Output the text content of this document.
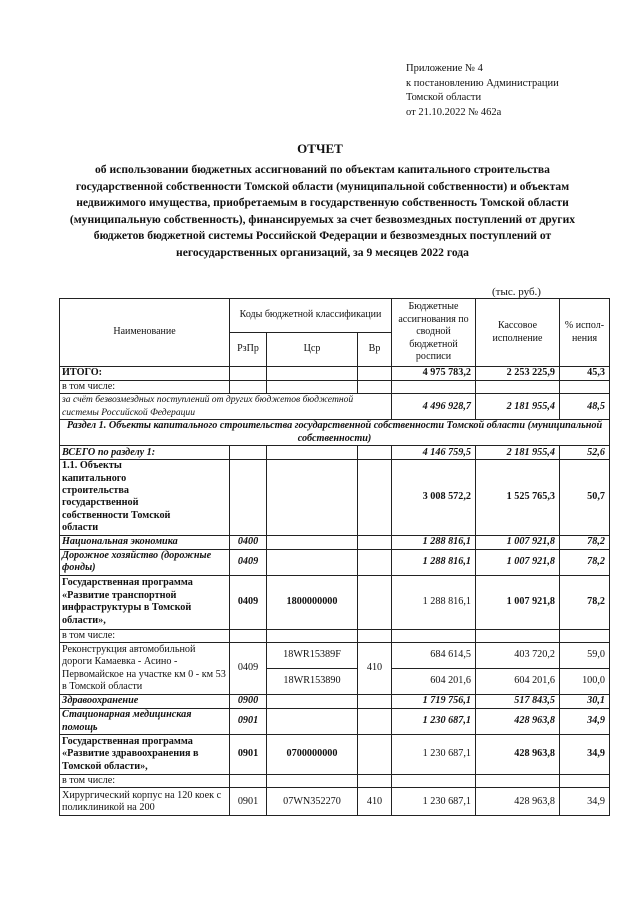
Приложение № 4
к постановлению Администрации
Томской области
от 21.10.2022 № 462а
ОТЧЕТ
об использовании бюджетных ассигнований по объектам капитального строительства государственной собственности Томской области (муниципальной собственности) и объектам недвижимого имущества, приобретаемым в государственную собственность Томской области (муниципальную собственность), финансируемых за счет безвозмездных поступлений от других бюджетов бюджетной системы Российской Федерации и безвозмездных поступлений от негосударственных организаций, за 9 месяцев 2022 года
(тыс. руб.)
Наименование	Коды бюджетной классификации			Бюджетные ассигнования по сводной бюджетной росписи	Кассовое исполнение	% испол-нения
	РзПр	Цср	Вр			
ИТОГО:				4 975 783,2	2 253 225,9	45,3
в том числе:						
за счёт безвозмездных поступлений от других бюджетов бюджетной системы Российской Федерации				4 496 928,7	2 181 955,4	48,5
Раздел 1. Объекты капитального строительства государственной собственности Томской области (муниципальной собственности)						
ВСЕГО по разделу 1:				4 146 759,5	2 181 955,4	52,6
1.1. Объекты капитального строительства государственной собственности Томской области				3 008 572,2	1 525 765,3	50,7
Национальная экономика	0400			1 288 816,1	1 007 921,8	78,2
Дорожное хозяйство (дорожные фонды)	0409			1 288 816,1	1 007 921,8	78,2
Государственная программа «Развитие транспортной инфраструктуры в Томской области»,	0409	1800000000		1 288 816,1	1 007 921,8	78,2
в том числе:						
Реконструкция автомобильной дороги Камаевка - Асино - Первомайское на участке км 0 - км 53 в Томской области	0409	18WR15389F	410	684 614,5	403 720,2	59,0
		18WR153890		604 201,6	604 201,6	100,0
Здравоохранение	0900			1 719 756,1	517 843,5	30,1
Стационарная медицинская помощь	0901			1 230 687,1	428 963,8	34,9
Государственная программа «Развитие здравоохранения в Томской области»,	0901	0700000000		1 230 687,1	428 963,8	34,9
в том числе:						
Хирургический корпус на 120 коек с поликлиникой на 200	0901	07WN352270	410	1 230 687,1	428 963,8	34,9
